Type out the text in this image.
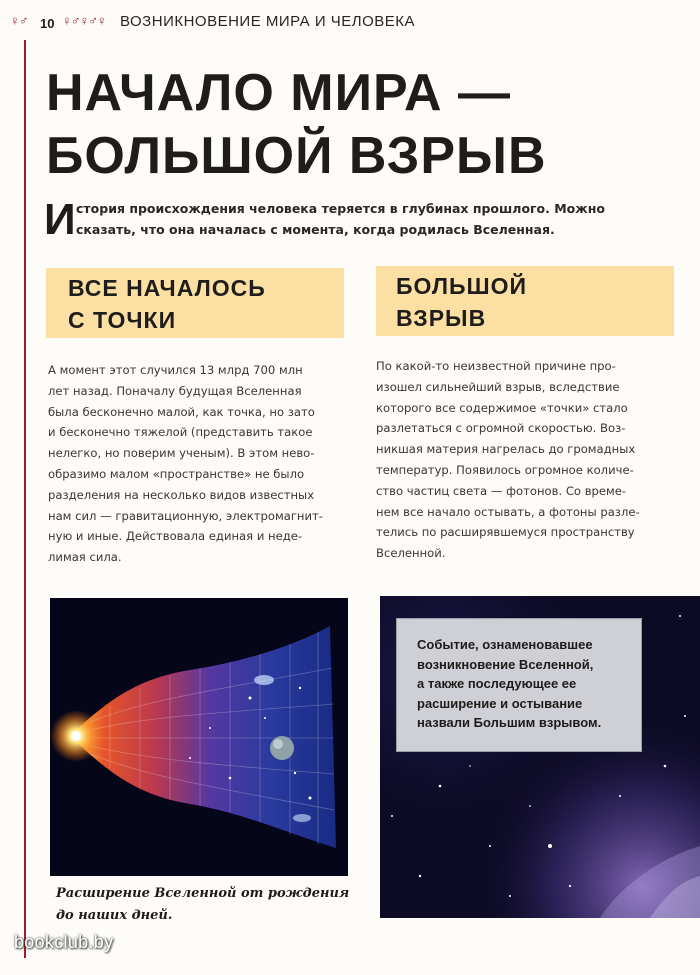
♀♂ 10 ♀♂♀♂♀ ВОЗНИКНОВЕНИЕ МИРА И ЧЕЛОВЕКА
НАЧАЛО МИРА —
БОЛЬШОЙ ВЗРЫВ
И стория происхождения человека теряется в глубинах прошлого. Можно
сказать, что она началась с момента, когда родилась Вселенная.

ВСЕ НАЧАЛОСЬ
С ТОЧКИ
БОЛЬШОЙ
ВЗРЫВ

А момент этот случился 13 млрд 700 млн
лет назад. Поначалу будущая Вселенная
была бесконечно малой, как точка, но зато
и бесконечно тяжелой (представить такое
нелегко, но поверим ученым). В этом нево-
образимо малом «пространстве» не было
разделения на несколько видов известных
нам сил — гравитационную, электромагнит-
ную и иные. Действовала единая и неде-
лимая сила.

По какой-то неизвестной причине про-
изошел сильнейший взрыв, вследствие
которого все содержимое «точки» стало
разлетаться с огромной скоростью. Воз-
никшая материя нагрелась до громадных
температур. Появилось огромное количе-
ство частиц света — фотонов. Со време-
нем все начало остывать, а фотоны разле-
телись по расширявшемуся пространству
Вселенной.

Событие, ознаменовавшее
возникновение Вселенной,
а также последующее ее
расширение и остывание
назвали Большим взрывом.

Расширение Вселенной от рождения
до наших дней.
bookclub.by
